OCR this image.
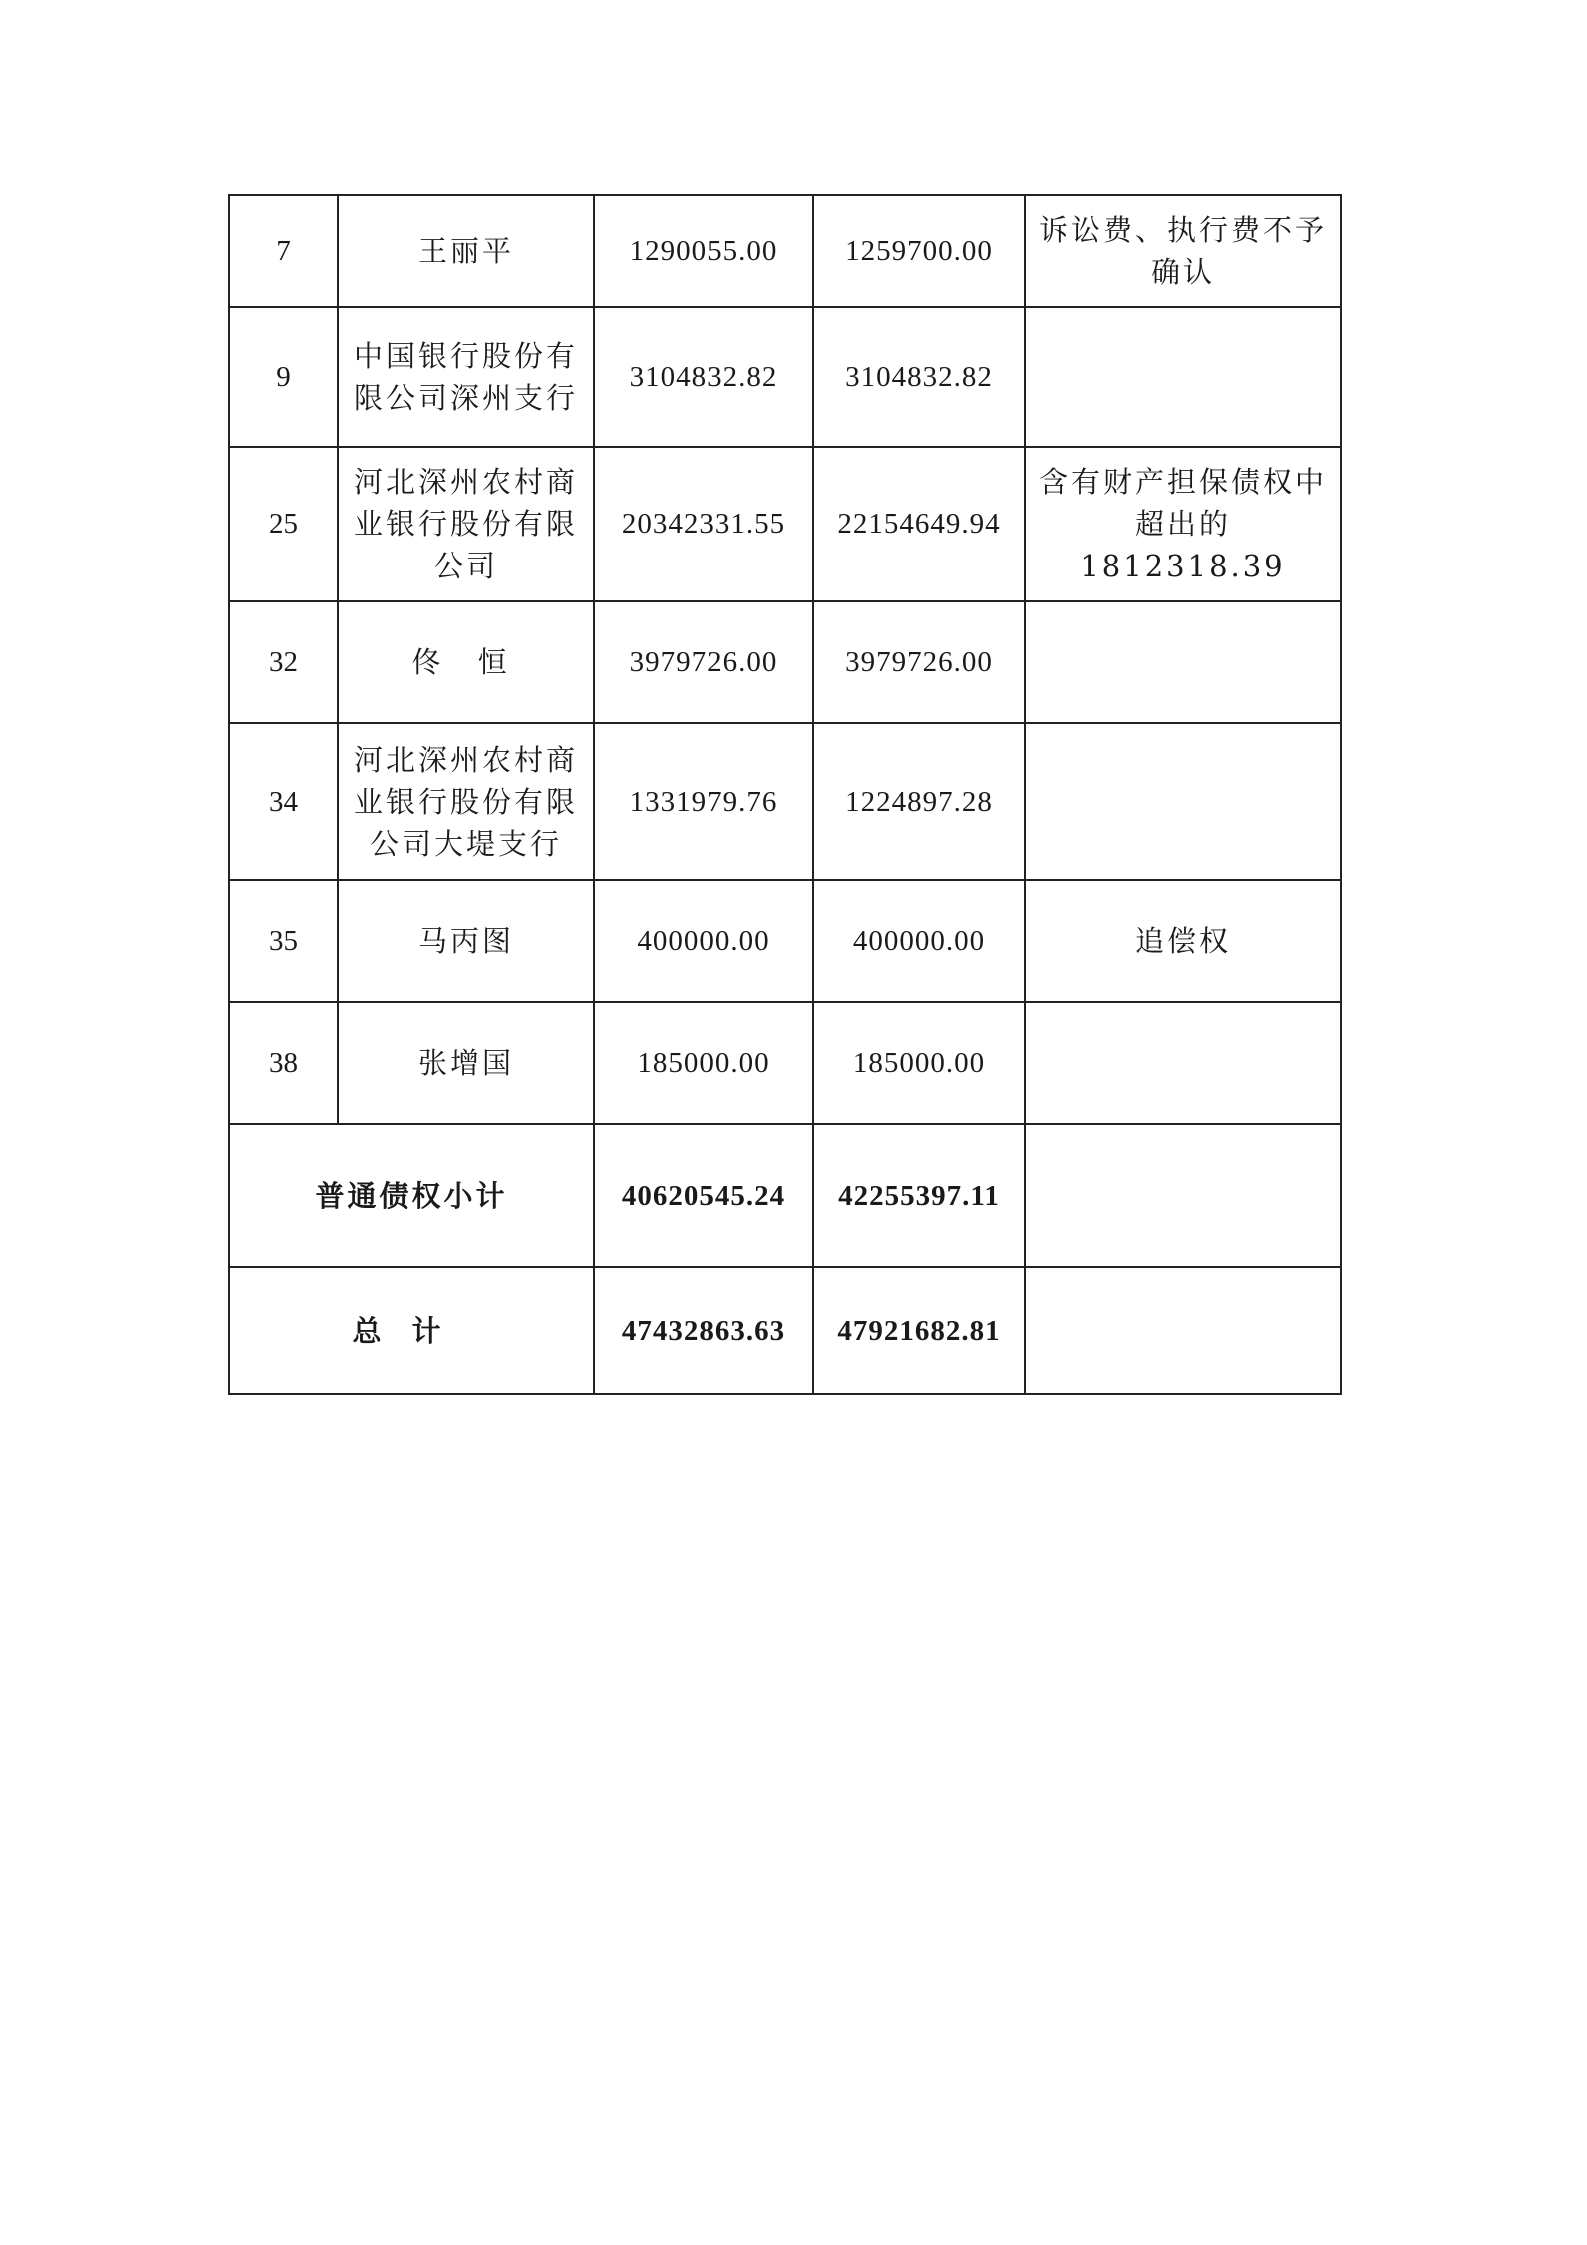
7	王丽平	1290055.00	1259700.00	诉讼费、执行费不予确认
9	中国银行股份有限公司深州支行	3104832.82	3104832.82	
25	河北深州农村商业银行股份有限公司	20342331.55	22154649.94	含有财产担保债权中超出的1812318.39
32	佟 恒	3979726.00	3979726.00	
34	河北深州农村商业银行股份有限公司大堤支行	1331979.76	1224897.28	
35	马丙图	400000.00	400000.00	追偿权
38	张增国	185000.00	185000.00	
普通债权小计		40620545.24	42255397.11	
总计		47432863.63	47921682.81	
